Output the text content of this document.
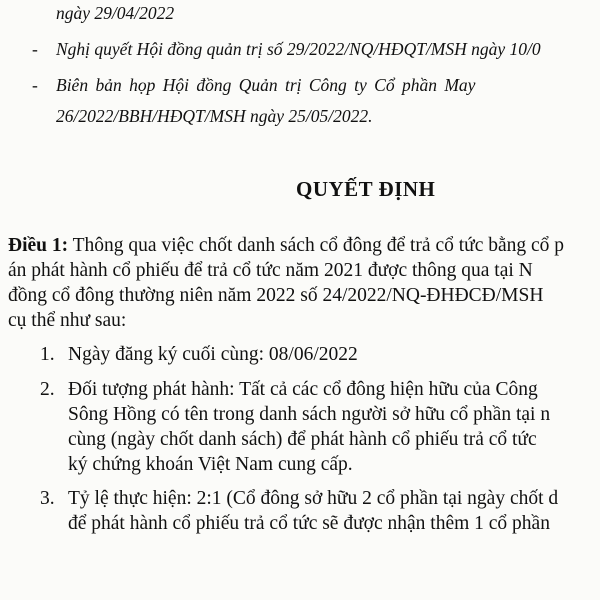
ngày 29/04/2022
- Nghị quyết Hội đồng quản trị số 29/2022/NQ/HĐQT/MSH ngày 10/0
- Biên bản họp Hội đồng Quản trị Công ty Cổ phần May
26/2022/BBH/HĐQT/MSH ngày 25/05/2022.
QUYẾT ĐỊNH
Điều 1: Thông qua việc chốt danh sách cổ đông để trả cổ tức bằng cổ p
án phát hành cổ phiếu để trả cổ tức năm 2021 được thông qua tại N
đồng cổ đông thường niên năm 2022 số 24/2022/NQ-ĐHĐCĐ/MSH
cụ thể như sau:
1. Ngày đăng ký cuối cùng: 08/06/2022
2. Đối tượng phát hành: Tất cả các cổ đông hiện hữu của Công
Sông Hồng có tên trong danh sách người sở hữu cổ phần tại n
cùng (ngày chốt danh sách) để phát hành cổ phiếu trả cổ tức
ký chứng khoán Việt Nam cung cấp.
3. Tỷ lệ thực hiện: 2:1 (Cổ đông sở hữu 2 cổ phần tại ngày chốt d
để phát hành cổ phiếu trả cổ tức sẽ được nhận thêm 1 cổ phần
